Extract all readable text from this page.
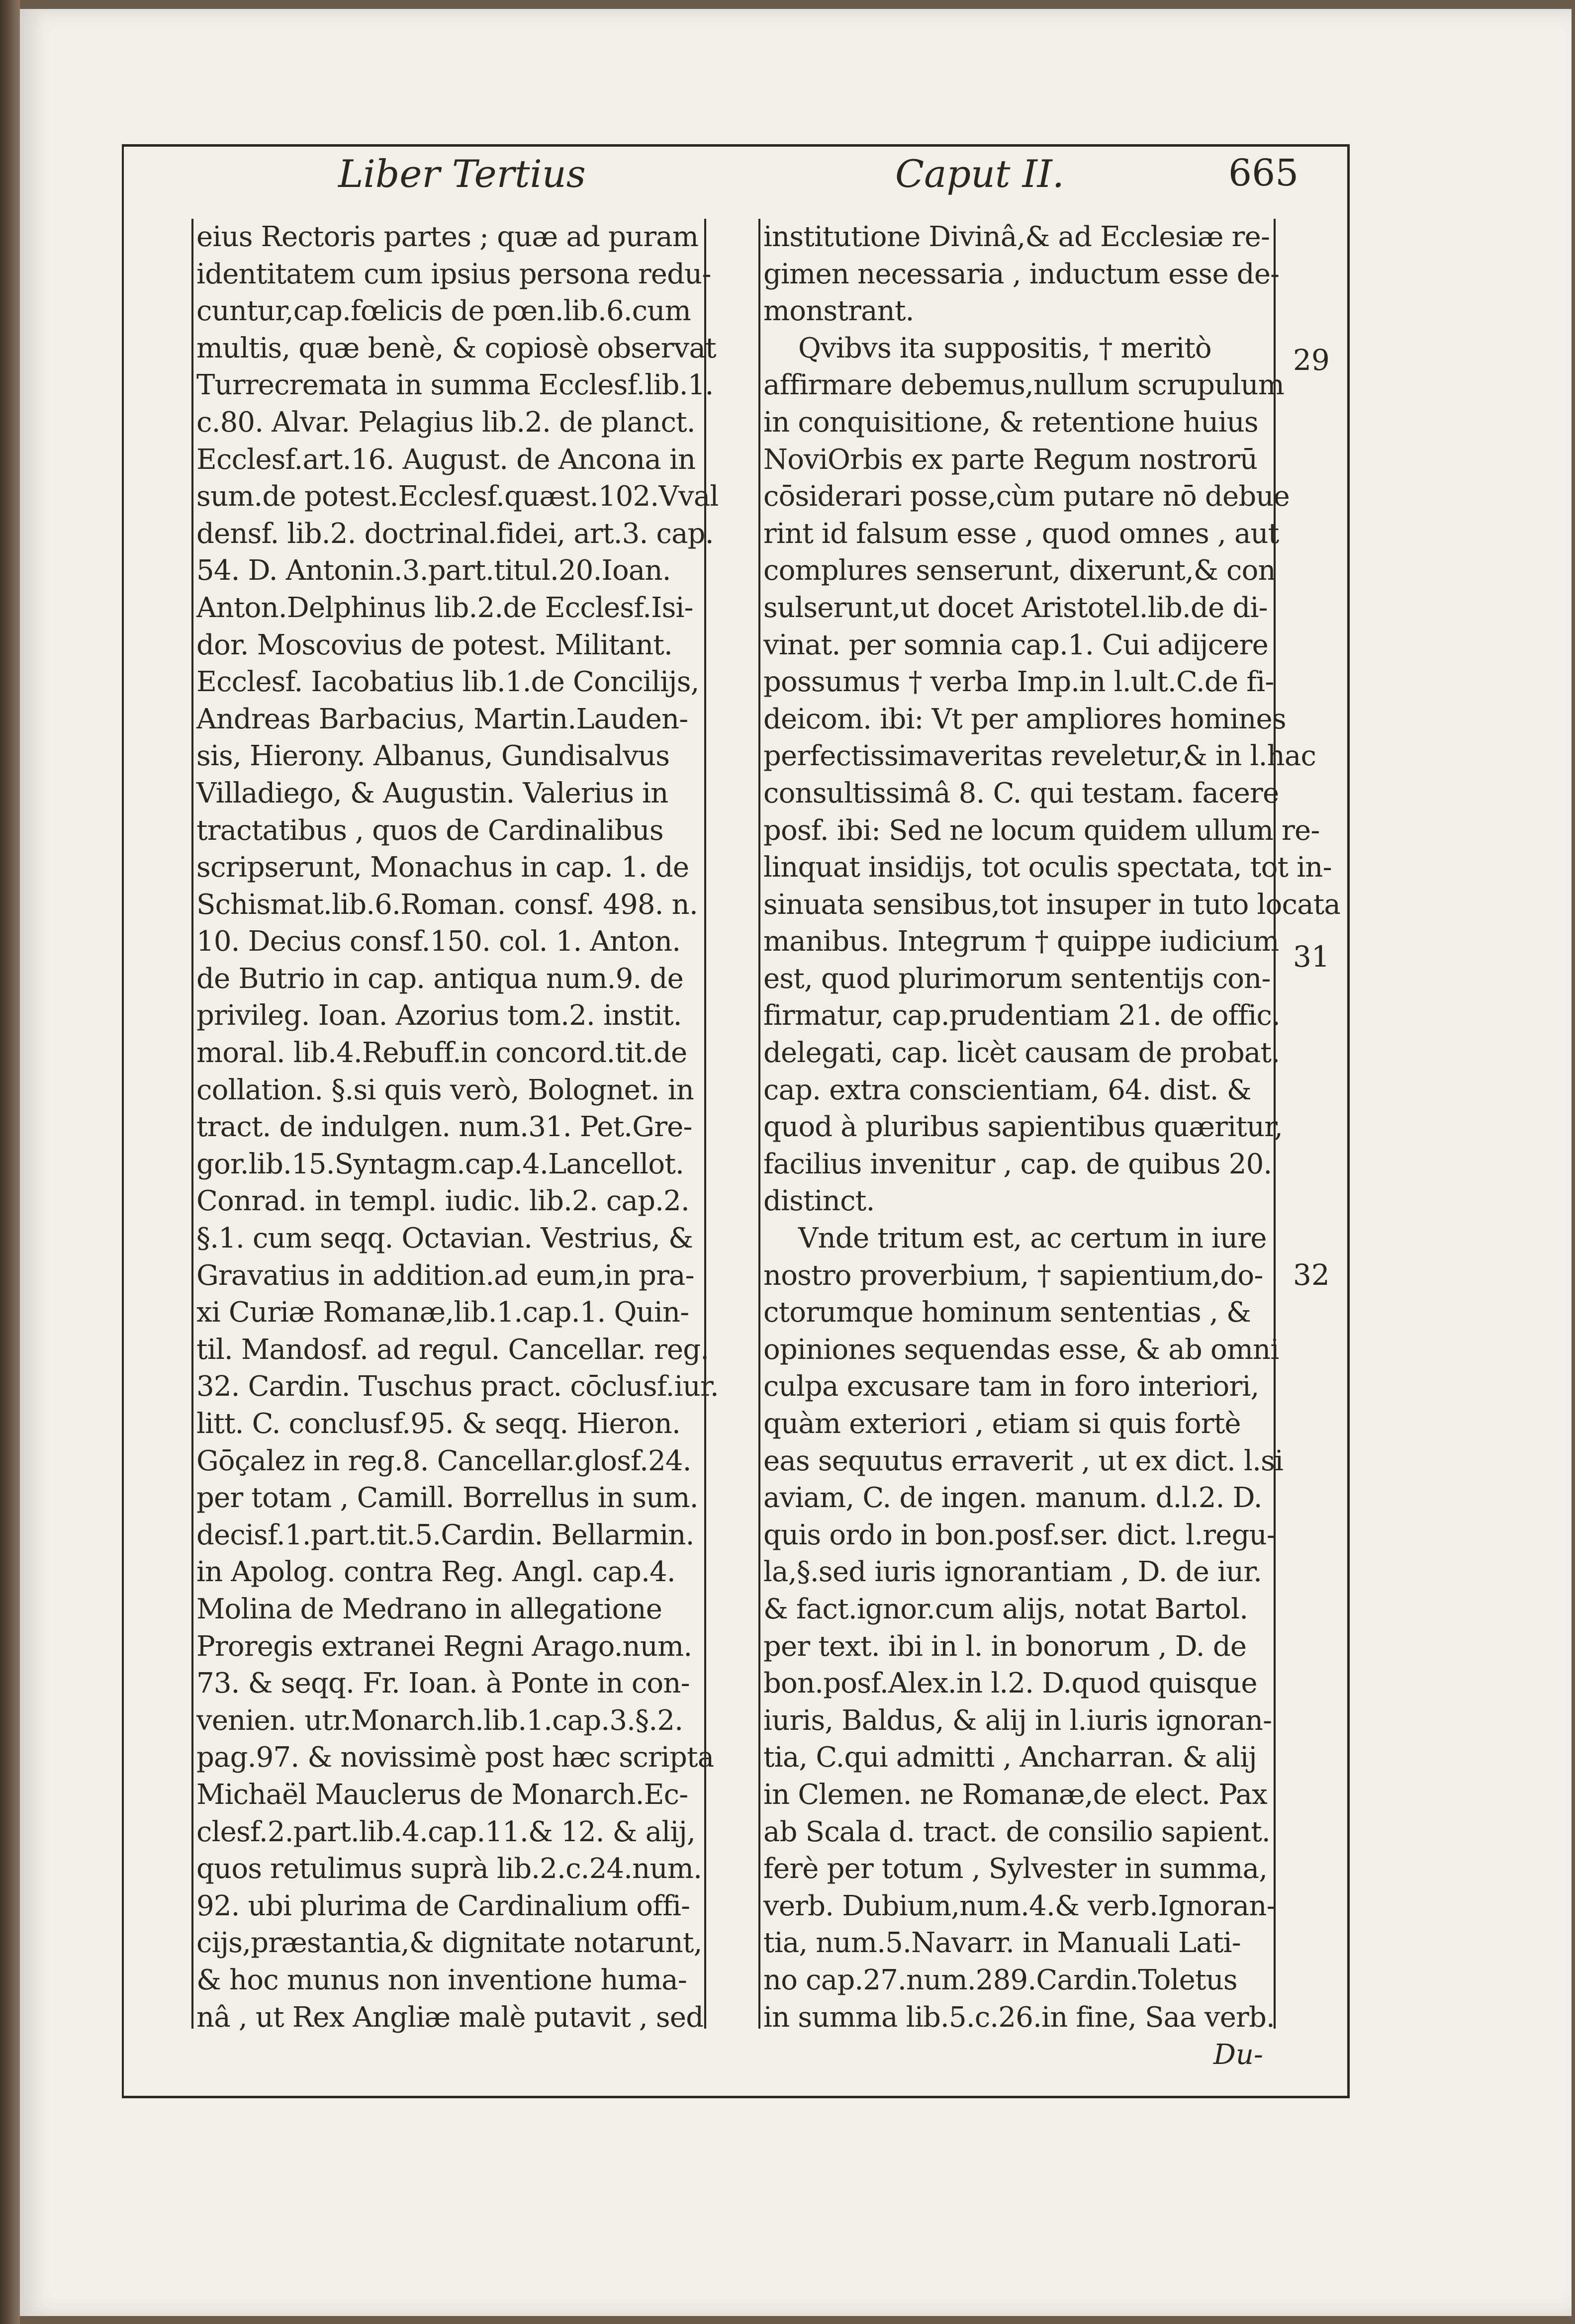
Liber Tertius	Caput II.	665
eius Rectoris partes ; quæ ad puram
identitatem cum ipsius persona redu-
cuntur,cap.fœlicis de pœn.lib.6.cum
multis, quæ benè, & copiosè observat
Turrecremata in summa Ecclesf.lib.1.
c.80. Alvar. Pelagius lib.2. de planct.
Ecclesf.art.16. August. de Ancona in
sum.de potest.Ecclesf.quæst.102.Vval
densf. lib.2. doctrinal.fidei, art.3. cap.
54. D. Antonin.3.part.titul.20.Ioan.
Anton.Delphinus lib.2.de Ecclesf.Isi-
dor. Moscovius de potest. Militant.
Ecclesf. Iacobatius lib.1.de Concilijs,
Andreas Barbacius, Martin.Lauden-
sis, Hierony. Albanus, Gundisalvus
Villadiego, & Augustin. Valerius in
tractatibus , quos de Cardinalibus
scripserunt, Monachus in cap. 1. de
Schismat.lib.6.Roman. consf. 498. n.
10. Decius consf.150. col. 1. Anton.
de Butrio in cap. antiqua num.9. de
privileg. Ioan. Azorius tom.2. instit.
moral. lib.4.Rebuff.in concord.tit.de
collation. §.si quis verò, Bolognet. in
tract. de indulgen. num.31. Pet.Gre-
gor.lib.15.Syntagm.cap.4.Lancellot.
Conrad. in templ. iudic. lib.2. cap.2.
§.1. cum seqq. Octavian. Vestrius, &
Gravatius in addition.ad eum,in pra-
xi Curiæ Romanæ,lib.1.cap.1. Quin-
til. Mandosf. ad regul. Cancellar. reg.
32. Cardin. Tuschus pract. cōclusf.iur.
litt. C. conclusf.95. & seqq. Hieron.
Gōçalez in reg.8. Cancellar.glosf.24.
per totam , Camill. Borrellus in sum.
decisf.1.part.tit.5.Cardin. Bellarmin.
in Apolog. contra Reg. Angl. cap.4.
Molina de Medrano in allegatione
Proregis extranei Regni Arago.num.
73. & seqq. Fr. Ioan. à Ponte in con-
venien. utr.Monarch.lib.1.cap.3.§.2.
pag.97. & novissimè post hæc scripta
Michaël Mauclerus de Monarch.Ec-
clesf.2.part.lib.4.cap.11.& 12. & alij,
quos retulimus suprà lib.2.c.24.num.
92. ubi plurima de Cardinalium offi-
cijs,præstantia,& dignitate notarunt,
& hoc munus non inventione huma-
nâ , ut Rex Angliæ malè putavit , sed
institutione Divinâ,& ad Ecclesiæ re-
gimen necessaria , inductum esse de-
monstrant.
Qvibvs ita suppositis, † meritò
affirmare debemus,nullum scrupulum
in conquisitione, & retentione huius
NoviOrbis ex parte Regum nostrorū
cōsiderari posse,cùm putare nō debue
rint id falsum esse , quod omnes , aut
complures senserunt, dixerunt,& con
sulserunt,ut docet Aristotel.lib.de di-
vinat. per somnia cap.1. Cui adijcere
possumus † verba Imp.in l.ult.C.de fi-
deicom. ibi: Vt per ampliores homines
perfectissimaveritas reveletur,& in l.hac
consultissimâ 8. C. qui testam. facere
posf. ibi: Sed ne locum quidem ullum re-
linquat insidijs, tot oculis spectata, tot in-
sinuata sensibus,tot insuper in tuto locata
manibus. Integrum † quippe iudicium
est, quod plurimorum sententijs con-
firmatur, cap.prudentiam 21. de offic.
delegati, cap. licèt causam de probat.
cap. extra conscientiam, 64. dist. &
quod à pluribus sapientibus quæritur,
facilius invenitur , cap. de quibus 20.
distinct.
Vnde tritum est, ac certum in iure
nostro proverbium, † sapientium,do-
ctorumque hominum sententias , &
opiniones sequendas esse, & ab omni
culpa excusare tam in foro interiori,
quàm exteriori , etiam si quis fortè
eas sequutus erraverit , ut ex dict. l.si
aviam, C. de ingen. manum. d.l.2. D.
quis ordo in bon.posf.ser. dict. l.regu-
la,§.sed iuris ignorantiam , D. de iur.
& fact.ignor.cum alijs, notat Bartol.
per text. ibi in l. in bonorum , D. de
bon.posf.Alex.in l.2. D.quod quisque
iuris, Baldus, & alij in l.iuris ignoran-
tia, C.qui admitti , Ancharran. & alij
in Clemen. ne Romanæ,de elect. Pax
ab Scala d. tract. de consilio sapient.
ferè per totum , Sylvester in summa,
verb. Dubium,num.4.& verb.Ignoran-
tia, num.5.Navarr. in Manuali Lati-
no cap.27.num.289.Cardin.Toletus
in summa lib.5.c.26.in fine, Saa verb.
29
31
32
Du-
